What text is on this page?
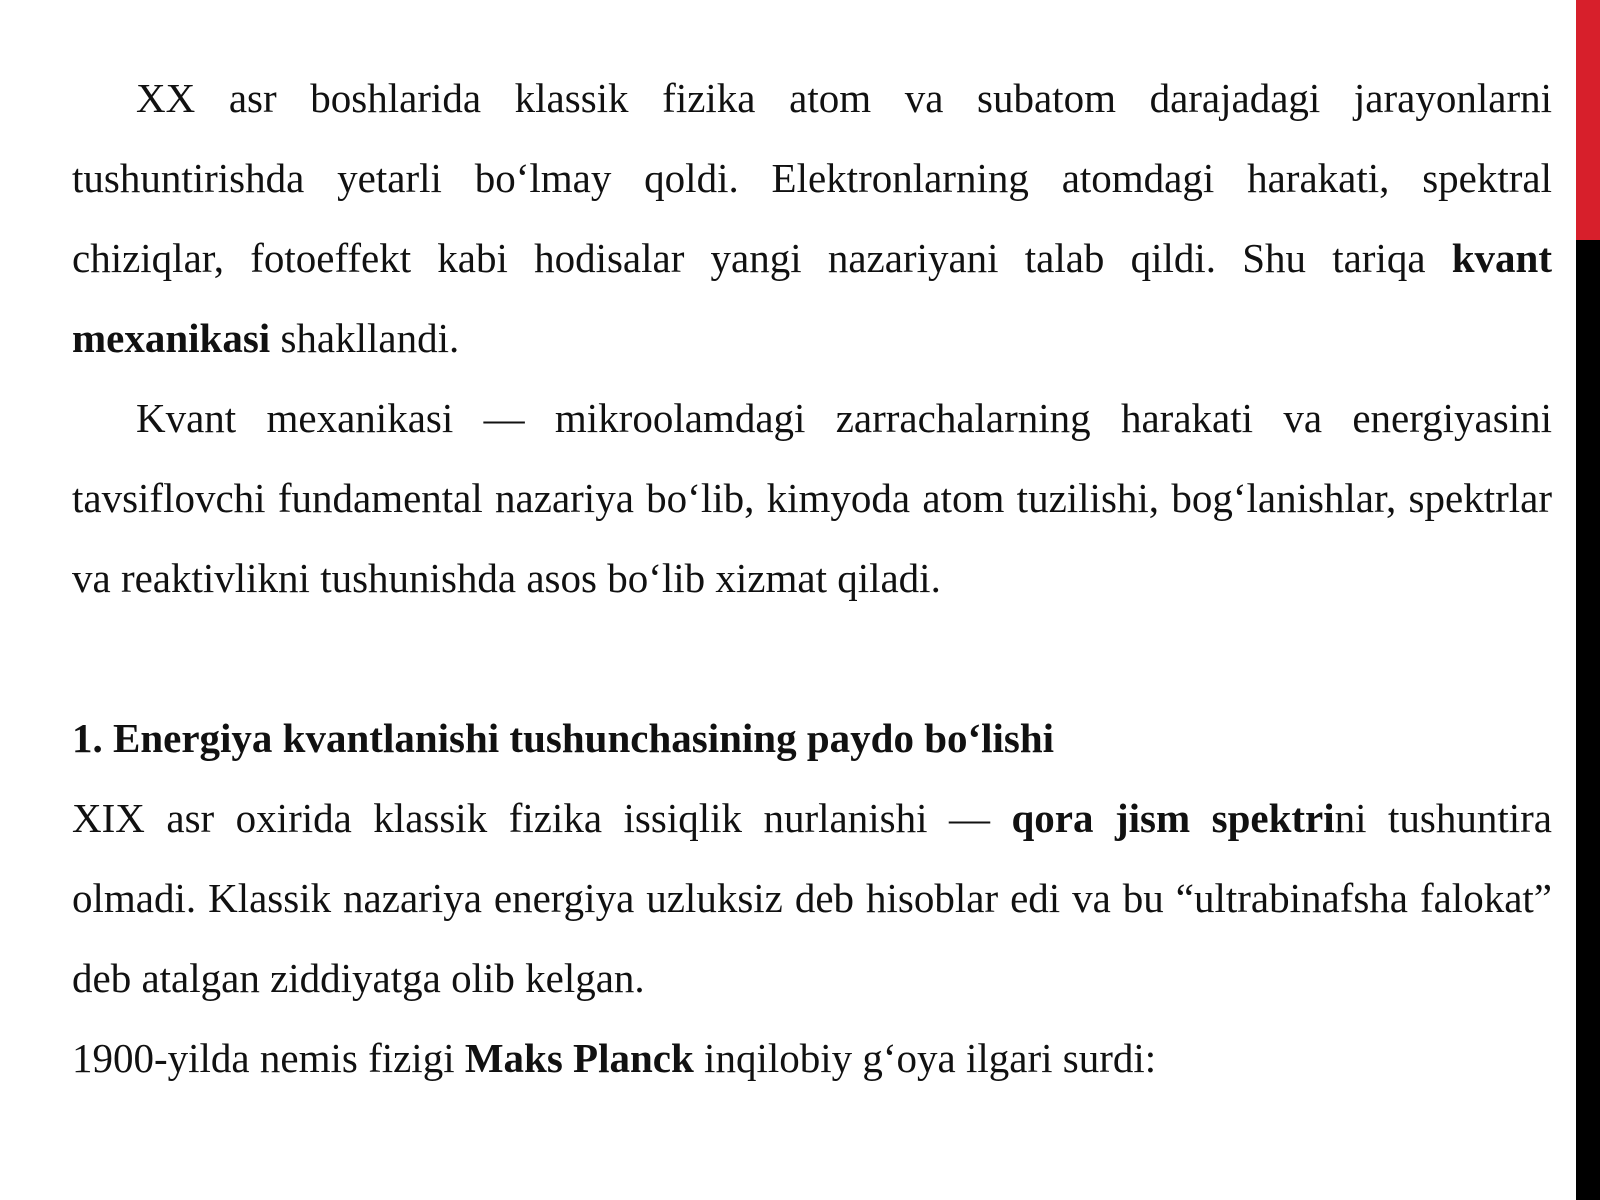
XX asr boshlarida klassik fizika atom va subatom darajadagi jarayonlarni tushuntirishda yetarli bo‘lmay qoldi. Elektronlarning atomdagi harakati, spektral chiziqlar, fotoeffekt kabi hodisalar yangi nazariyani talab qildi. Shu tariqa kvant mexanikasi shakllandi.

Kvant mexanikasi — mikroolamdagi zarrachalarning harakati va energiyasini tavsiflovchi fundamental nazariya bo‘lib, kimyoda atom tuzilishi, bog‘lanishlar, spektrlar va reaktivlikni tushunishda asos bo‘lib xizmat qiladi.

1. Energiya kvantlanishi tushunchasining paydo bo‘lishi

XIX asr oxirida klassik fizika issiqlik nurlanishi — qora jism spektrini tushuntira olmadi. Klassik nazariya energiya uzluksiz deb hisoblar edi va bu “ultrabinafsha falokat” deb atalgan ziddiyatga olib kelgan.

1900-yilda nemis fizigi Maks Planck inqilobiy g‘oya ilgari surdi:
